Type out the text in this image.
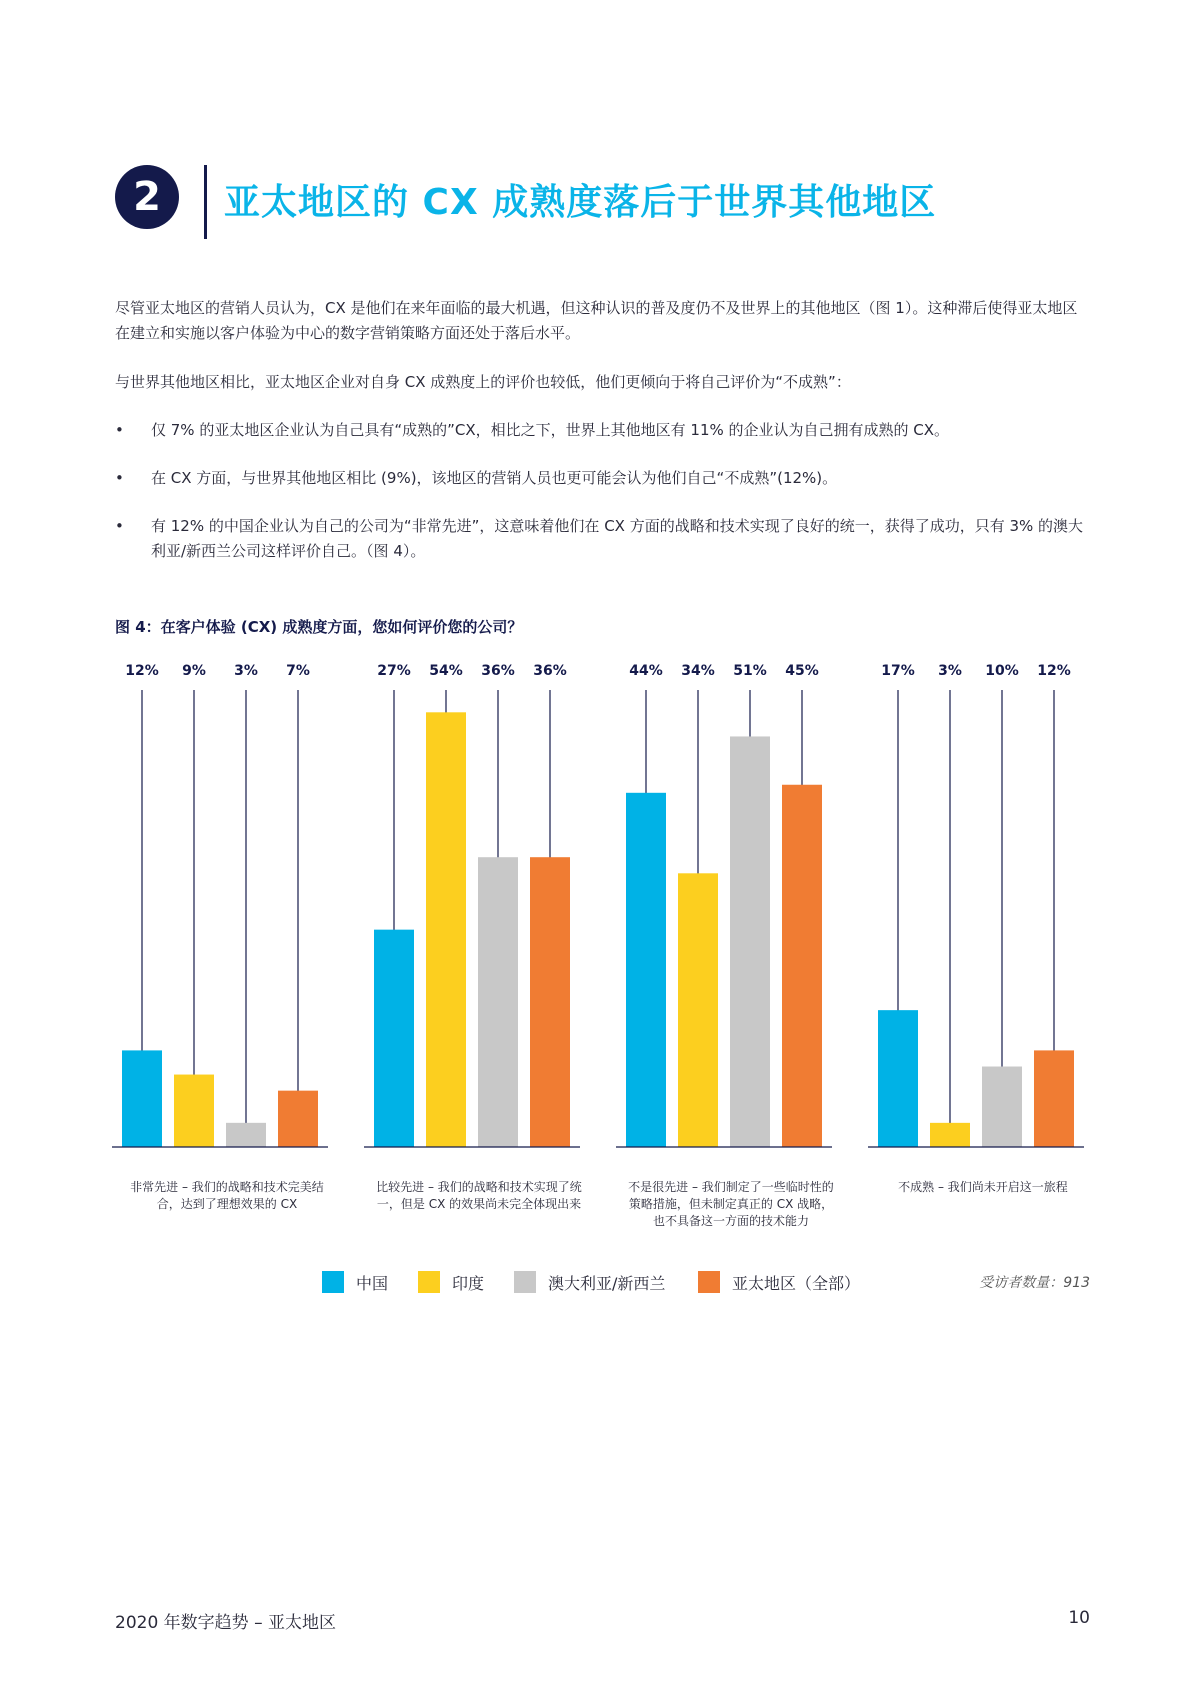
2	亚太地区的 CX 成熟度落后于世界其他地区
尽管亚太地区的营销人员认为，CX 是他们在来年面临的最大机遇，但这种认识的普及度仍不及世界上的其他地区（图 1）。这种滞后使得亚太地区在建立和实施以客户体验为中心的数字营销策略方面还处于落后水平。
与世界其他地区相比，亚太地区企业对自身 CX 成熟度上的评价也较低，他们更倾向于将自己评价为“不成熟”：
• 仅 7% 的亚太地区企业认为自己具有“成熟的”CX，相比之下，世界上其他地区有 11% 的企业认为自己拥有成熟的 CX。
• 在 CX 方面，与世界其他地区相比 (9%)，该地区的营销人员也更可能会认为他们自己“不成熟”(12%)。
• 有 12% 的中国企业认为自己的公司为“非常先进”，这意味着他们在 CX 方面的战略和技术实现了良好的统一，获得了成功，只有 3% 的澳大利亚/新西兰公司这样评价自己。（图 4）。
图 4：在客户体验 (CX) 成熟度方面，您如何评价您的公司？
12% 9% 3% 7%	27% 54% 36% 36%	44% 34% 51% 45%	17% 3% 10% 12%
非常先进 – 我们的战略和技术完美结合，达到了理想效果的 CX
比较先进 – 我们的战略和技术实现了统一，但是 CX 的效果尚未完全体现出来
不是很先进 – 我们制定了一些临时性的策略措施，但未制定真正的 CX 战略，也不具备这一方面的技术能力
不成熟 – 我们尚未开启这一旅程
中国	印度	澳大利亚/新西兰	亚太地区（全部）	受访者数量：913
2020 年数字趋势 – 亚太地区	10
